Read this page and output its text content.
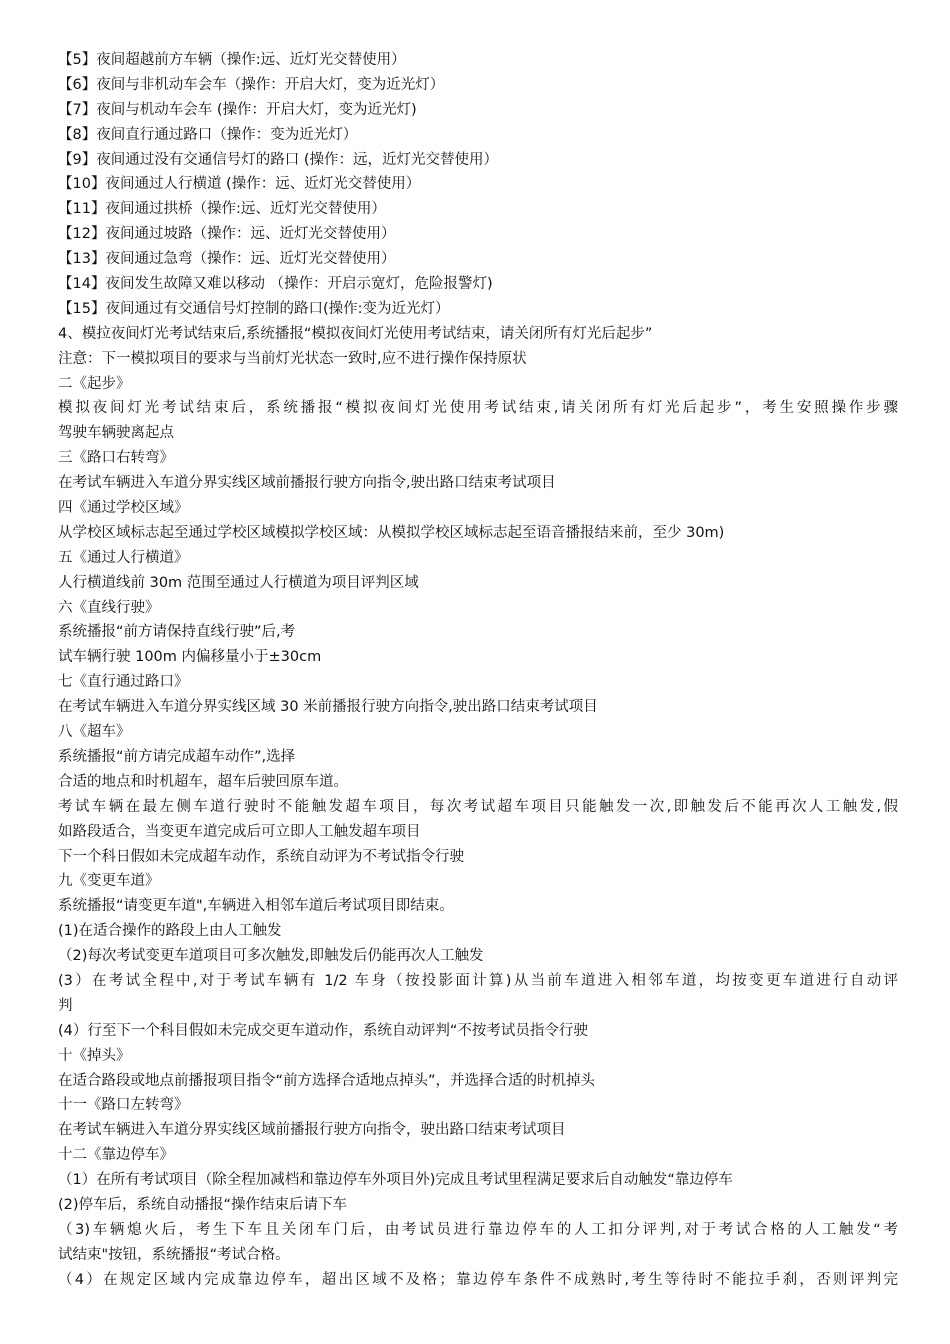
【5】夜间超越前方车辆（操作:远、近灯光交替使用）
【6】夜间与非机动车会车（操作：开启大灯，变为近光灯）
【7】夜间与机动车会车 (操作：开启大灯，变为近光灯)
【8】夜间直行通过路口（操作：变为近光灯）
【9】夜间通过没有交通信号灯的路口 (操作：远，近灯光交替使用）
【10】夜间通过人行横道 (操作：远、近灯光交替使用）
【11】夜间通过拱桥（操作:远、近灯光交替使用）
【12】夜间通过坡路（操作：远、近灯光交替使用）
【13】夜间通过急弯（操作：远、近灯光交替使用）
【14】夜间发生故障又难以移动 （操作：开启示宽灯，危险报警灯)
【15】夜间通过有交通信号灯控制的路口(操作:变为近光灯）
4、模拉夜间灯光考试结束后,系统播报“模拟夜间灯光使用考试结束，请关闭所有灯光后起步”
注意：下一模拟项目的要求与当前灯光状态一致时,应不进行操作保持原状
二《起步》
模拟夜间灯光考试结束后，系统播报“模拟夜间灯光使用考试结束,请关闭所有灯光后起步”，考生安照操作步骤
驾驶车辆驶离起点
三《路口右转弯》
在考试车辆进入车道分界实线区域前播报行驶方向指令,驶出路口结束考试项目
四《通过学校区域》
从学校区域标志起至通过学校区域模拟学校区域：从模拟学校区域标志起至语音播报结来前，至少 30m)
五《通过人行横道》
人行横道线前 30m 范围至通过人行横道为项目评判区域
六《直线行驶》
系统播报“前方请保持直线行驶”后,考
试车辆行驶 100m 内偏移量小于±30cm
七《直行通过路口》
在考试车辆进入车道分界实线区域 30 米前播报行驶方向指令,驶出路口结束考试项目
八《超车》
系统播报“前方请完成超车动作”,选择
合适的地点和时机超车，超车后驶回原车道。
考试车辆在最左侧车道行驶时不能触发超车项目，每次考试超车项目只能触发一次,即触发后不能再次人工触发,假
如路段适合，当变更车道完成后可立即人工触发超车项目
下一个科日假如未完成超车动作，系统自动评为不考试指令行驶
九《变更车道》
系统播报“请变更车道",车辆进入相邻车道后考试项目即结束。
(1)在适合操作的路段上由人工触发
（2)每次考试变更车道项目可多次触发,即触发后仍能再次人工触发
(3）在考试全程中,对于考试车辆有 1/2 车身（按投影面计算)从当前车道进入相邻车道，均按变更车道进行自动评
判
(4）行至下一个科目假如未完成交更车道动作，系统自动评判“不按考试员指令行驶
十《掉头》
在适合路段或地点前播报项目指令“前方选择合适地点掉头”，并选择合适的时机掉头
十一《路口左转弯》
在考试车辆进入车道分界实线区域前播报行驶方向指令，驶出路口结束考试项目
十二《靠边停车》
（1）在所有考试项目（除全程加减档和靠边停车外项目外)完成且考试里程满足要求后自动触发“靠边停车
(2)停车后，系统自动播报“操作结束后请下车
（3)车辆熄火后，考生下车且关闭车门后，由考试员进行靠边停车的人工扣分评判,对于考试合格的人工触发“考
试结束"按钮，系统播报“考试合格。
（4）在规定区域内完成靠边停车，超出区域不及格；靠边停车条件不成熟时,考生等待时不能拉手刹，否则评判完
